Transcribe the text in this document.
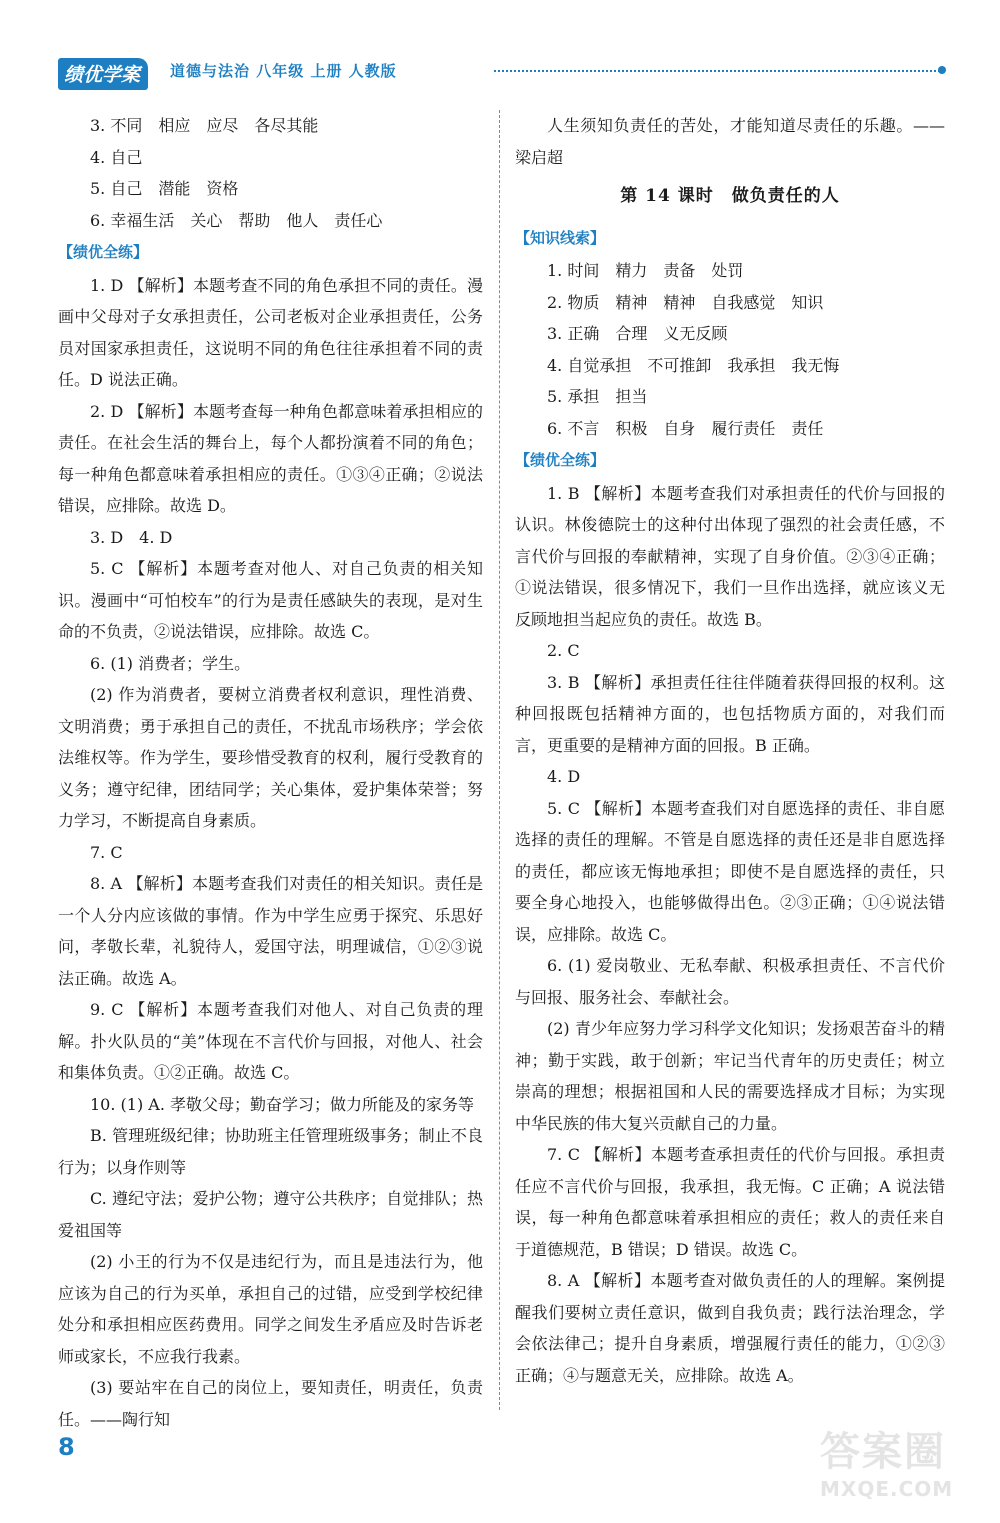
绩优学案	道德与法治 八年级 上册 人教版
3. 不同　相应　应尽　各尽其能
4. 自己
5. 自己　潜能　资格
6. 幸福生活　关心　帮助　他人　责任心
【绩优全练】
1. D 【解析】本题考查不同的角色承担不同的责任。漫画中父母对子女承担责任，公司老板对企业承担责任，公务员对国家承担责任，这说明不同的角色往往承担着不同的责任。D 说法正确。
2. D 【解析】本题考查每一种角色都意味着承担相应的责任。在社会生活的舞台上，每个人都扮演着不同的角色；每一种角色都意味着承担相应的责任。①③④正确；②说法错误，应排除。故选 D。
3. D　4. D
5. C 【解析】本题考查对他人、对自己负责的相关知识。漫画中“可怕校车”的行为是责任感缺失的表现，是对生命的不负责，②说法错误，应排除。故选 C。
6. (1) 消费者；学生。
(2) 作为消费者，要树立消费者权利意识，理性消费、文明消费；勇于承担自己的责任，不扰乱市场秩序；学会依法维权等。作为学生，要珍惜受教育的权利，履行受教育的义务；遵守纪律，团结同学；关心集体，爱护集体荣誉；努力学习，不断提高自身素质。
7. C
8. A 【解析】本题考查我们对责任的相关知识。责任是一个人分内应该做的事情。作为中学生应勇于探究、乐思好问，孝敬长辈，礼貌待人，爱国守法，明理诚信，①②③说法正确。故选 A。
9. C 【解析】本题考查我们对他人、对自己负责的理解。扑火队员的“美”体现在不言代价与回报，对他人、社会和集体负责。①②正确。故选 C。
10. (1) A. 孝敬父母；勤奋学习；做力所能及的家务等
B. 管理班级纪律；协助班主任管理班级事务；制止不良行为；以身作则等
C. 遵纪守法；爱护公物；遵守公共秩序；自觉排队；热爱祖国等
(2) 小王的行为不仅是违纪行为，而且是违法行为，他应该为自己的行为买单，承担自己的过错，应受到学校纪律处分和承担相应医药费用。同学之间发生矛盾应及时告诉老师或家长，不应我行我素。
(3) 要站牢在自己的岗位上，要知责任，明责任，负责任。——陶行知
人生须知负责任的苦处，才能知道尽责任的乐趣。——梁启超
第 14 课时　做负责任的人
【知识线索】
1. 时间　精力　责备　处罚
2. 物质　精神　精神　自我感觉　知识
3. 正确　合理　义无反顾
4. 自觉承担　不可推卸　我承担　我无悔
5. 承担　担当
6. 不言　积极　自身　履行责任　责任
【绩优全练】
1. B 【解析】本题考查我们对承担责任的代价与回报的认识。林俊德院士的这种付出体现了强烈的社会责任感，不言代价与回报的奉献精神，实现了自身价值。②③④正确；①说法错误，很多情况下，我们一旦作出选择，就应该义无反顾地担当起应负的责任。故选 B。
2. C
3. B 【解析】承担责任往往伴随着获得回报的权利。这种回报既包括精神方面的，也包括物质方面的，对我们而言，更重要的是精神方面的回报。B 正确。
4. D
5. C 【解析】本题考查我们对自愿选择的责任、非自愿选择的责任的理解。不管是自愿选择的责任还是非自愿选择的责任，都应该无悔地承担；即使不是自愿选择的责任，只要全身心地投入，也能够做得出色。②③正确；①④说法错误，应排除。故选 C。
6. (1) 爱岗敬业、无私奉献、积极承担责任、不言代价与回报、服务社会、奉献社会。
(2) 青少年应努力学习科学文化知识；发扬艰苦奋斗的精神；勤于实践，敢于创新；牢记当代青年的历史责任；树立崇高的理想；根据祖国和人民的需要选择成才目标；为实现中华民族的伟大复兴贡献自己的力量。
7. C 【解析】本题考查承担责任的代价与回报。承担责任应不言代价与回报，我承担，我无悔。C 正确；A 说法错误，每一种角色都意味着承担相应的责任；救人的责任来自于道德规范，B 错误；D 错误。故选 C。
8. A 【解析】本题考查对做负责任的人的理解。案例提醒我们要树立责任意识，做到自我负责；践行法治理念，学会依法律己；提升自身素质，增强履行责任的能力，①②③正确；④与题意无关，应排除。故选 A。
8	答案圈
MXQE.COM
